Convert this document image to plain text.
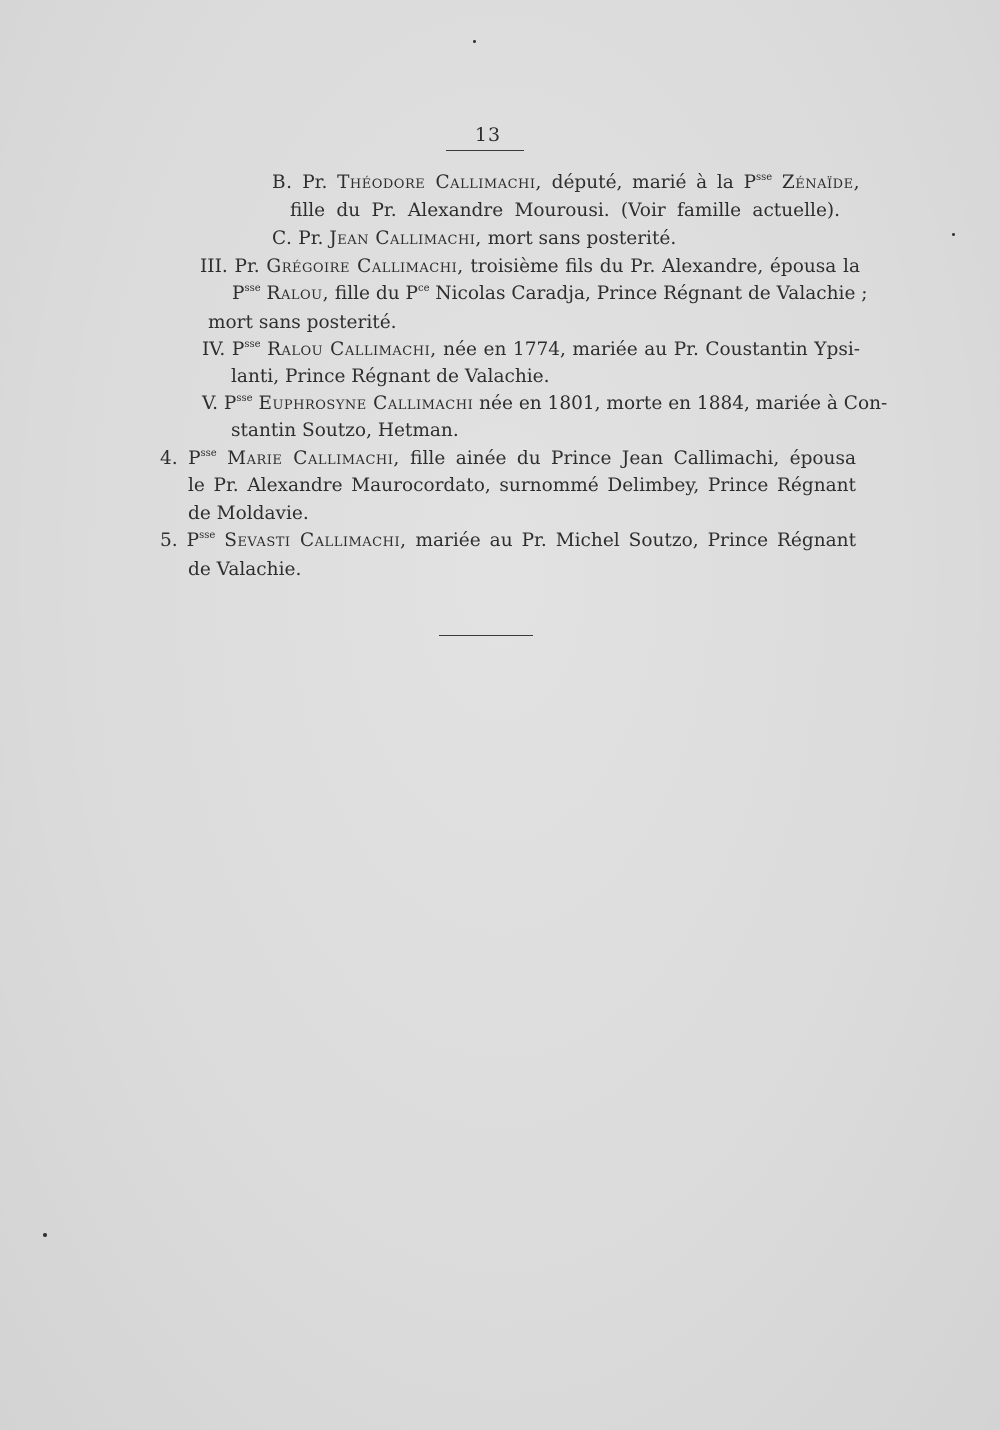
13
B. Pr. Théodore Callimachi, député, marié à la $P^{sse}$ Zénaïde,
fille du Pr. Alexandre Mourousi. (Voir famille actuelle).
C. Pr. Jean Callimachi, mort sans posterité.
III. Pr. Grégoire Callimachi, troisième fils du Pr. Alexandre, épousa la
$P^{sse}$ Ralou, fille du $P^{ce}$ Nicolas Caradja, Prince Régnant de Valachie ;
mort sans posterité.
IV. $P^{sse}$ Ralou Callimachi, née en 1774, mariée au Pr. Coustantin Ypsi-
lanti, Prince Régnant de Valachie.
V. $P^{sse}$ Euphrosyne Callimachi née en 1801, morte en 1884, mariée à Con-
stantin Soutzo, Hetman.
4. $P^{sse}$ Marie Callimachi, fille ainée du Prince Jean Callimachi, épousa
le Pr. Alexandre Maurocordato, surnommé Delimbey, Prince Régnant
de Moldavie.
5. $P^{sse}$ Sevasti Callimachi, mariée au Pr. Michel Soutzo, Prince Régnant
de Valachie.
